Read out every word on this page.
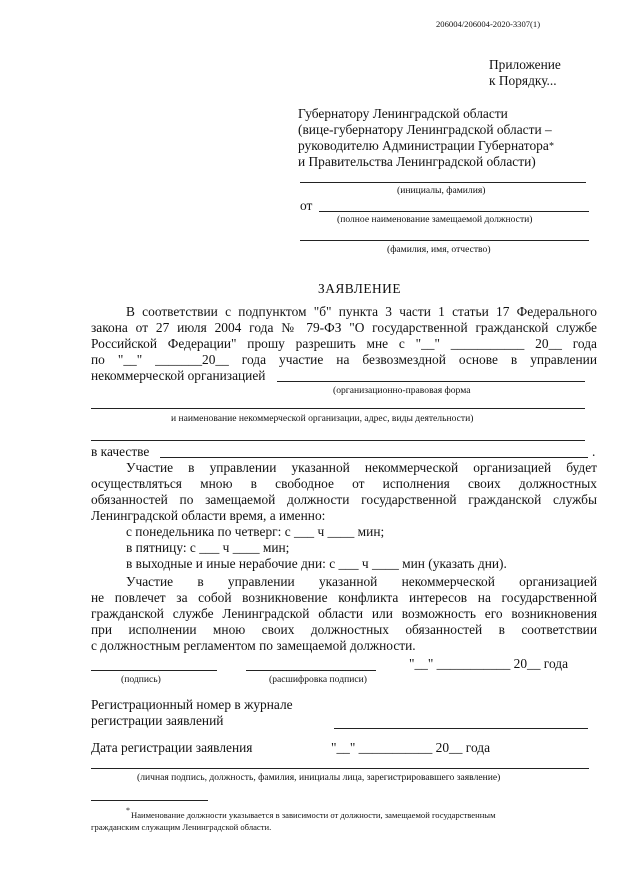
206004/206004-2020-3307(1)
Приложение
к Порядку...
Губернатору Ленинградской области
(вице-губернатору Ленинградской области –
руководителю Администрации Губернатора
и Правительства Ленинградской области)
*
(инициалы, фамилия)
от
(полное наименование замещаемой должности)
(фамилия, имя, отчество)
ЗАЯВЛЕНИЕ
В соответствии с подпунктом "б" пункта 3 части 1 статьи 17 Федерального
закона от 27 июля 2004 года № 79-ФЗ "О государственной гражданской службе
Российской Федерации" прошу разрешить мне с "__" ___________ 20__ года
по "__" _______20__ года участие на безвозмездной основе в управлении
некоммерческой организацией
(организационно-правовая форма
и наименование некоммерческой организации, адрес, виды деятельности)
в качестве	.
Участие в управлении указанной некоммерческой организацией будет
осуществляться мною в свободное от исполнения своих должностных
обязанностей по замещаемой должности государственной гражданской службы
Ленинградской области время, а именно:
с понедельника по четверг: с ___ ч ____ мин;
в пятницу: с ___ ч ____ мин;
в выходные и иные нерабочие дни: с ___ ч ____ мин (указать дни).
Участие в управлении указанной некоммерческой организацией
не повлечет за собой возникновение конфликта интересов на государственной
гражданской службе Ленинградской области или возможность его возникновения
при исполнении мною своих должностных обязанностей в соответствии
с должностным регламентом по замещаемой должности.
(подпись)	(расшифровка подписи)
"__" ___________ 20__ года
Регистрационный номер в журнале
регистрации заявлений
Дата регистрации заявления	"__" ___________ 20__ года
(личная подпись, должность, фамилия, инициалы лица, зарегистрировавшего заявление)
* Наименование должности указывается в зависимости от должности, замещаемой государственным
гражданским служащим Ленинградской области.
